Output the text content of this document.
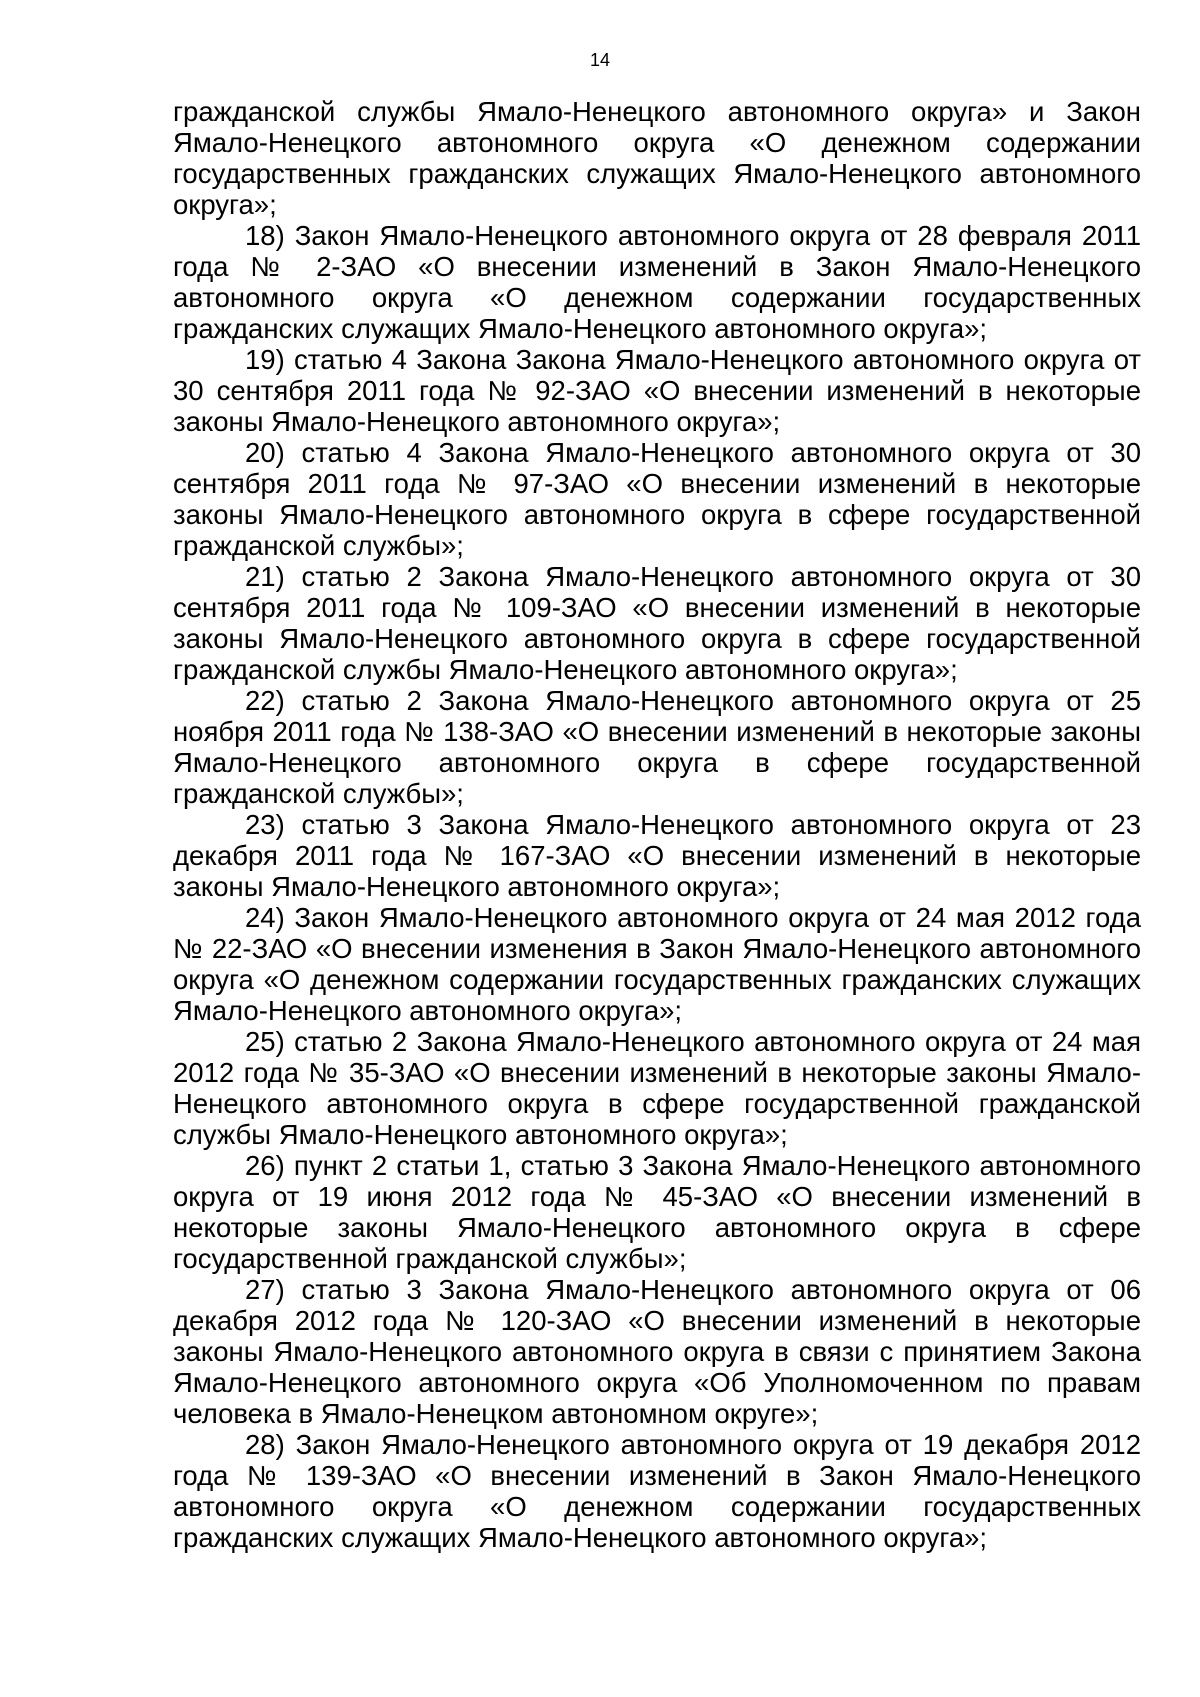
14

гражданской службы Ямало-Ненецкого автономного округа» и Закон Ямало-Ненецкого автономного округа «О денежном содержании государственных гражданских служащих Ямало-Ненецкого автономного округа»;

18) Закон Ямало-Ненецкого автономного округа от 28 февраля 2011 года № 2-ЗАО «О внесении изменений в Закон Ямало-Ненецкого автономного округа «О денежном содержании государственных гражданских служащих Ямало-Ненецкого автономного округа»;

19) статью 4 Закона Закона Ямало-Ненецкого автономного округа от 30 сентября 2011 года № 92-ЗАО «О внесении изменений в некоторые законы Ямало-Ненецкого автономного округа»;

20) статью 4 Закона Ямало-Ненецкого автономного округа от 30 сентября 2011 года № 97-ЗАО «О внесении изменений в некоторые законы Ямало-Ненецкого автономного округа в сфере государственной гражданской службы»;

21) статью 2 Закона Ямало-Ненецкого автономного округа от 30 сентября 2011 года № 109-ЗАО «О внесении изменений в некоторые законы Ямало-Ненецкого автономного округа в сфере государственной гражданской службы Ямало-Ненецкого автономного округа»;

22) статью 2 Закона Ямало-Ненецкого автономного округа от 25 ноября 2011 года № 138-ЗАО «О внесении изменений в некоторые законы Ямало-Ненецкого автономного округа в сфере государственной гражданской службы»;

23) статью 3 Закона Ямало-Ненецкого автономного округа от 23 декабря 2011 года № 167-ЗАО «О внесении изменений в некоторые законы Ямало-Ненецкого автономного округа»;

24) Закон Ямало-Ненецкого автономного округа от 24 мая 2012 года № 22-ЗАО «О внесении изменения в Закон Ямало-Ненецкого автономного округа «О денежном содержании государственных гражданских служащих Ямало-Ненецкого автономного округа»;

25) статью 2 Закона Ямало-Ненецкого автономного округа от 24 мая 2012 года № 35-ЗАО «О внесении изменений в некоторые законы Ямало-Ненецкого автономного округа в сфере государственной гражданской службы Ямало-Ненецкого автономного округа»;

26) пункт 2 статьи 1, статью 3 Закона Ямало-Ненецкого автономного округа от 19 июня 2012 года № 45-ЗАО «О внесении изменений в некоторые законы Ямало-Ненецкого автономного округа в сфере государственной гражданской службы»;

27) статью 3 Закона Ямало-Ненецкого автономного округа от 06 декабря 2012 года № 120-ЗАО «О внесении изменений в некоторые законы Ямало-Ненецкого автономного округа в связи с принятием Закона Ямало-Ненецкого автономного округа «Об Уполномоченном по правам человека в Ямало-Ненецком автономном округе»;

28) Закон Ямало-Ненецкого автономного округа от 19 декабря 2012 года № 139-ЗАО «О внесении изменений в Закон Ямало-Ненецкого автономного округа «О денежном содержании государственных гражданских служащих Ямало-Ненецкого автономного округа»;
